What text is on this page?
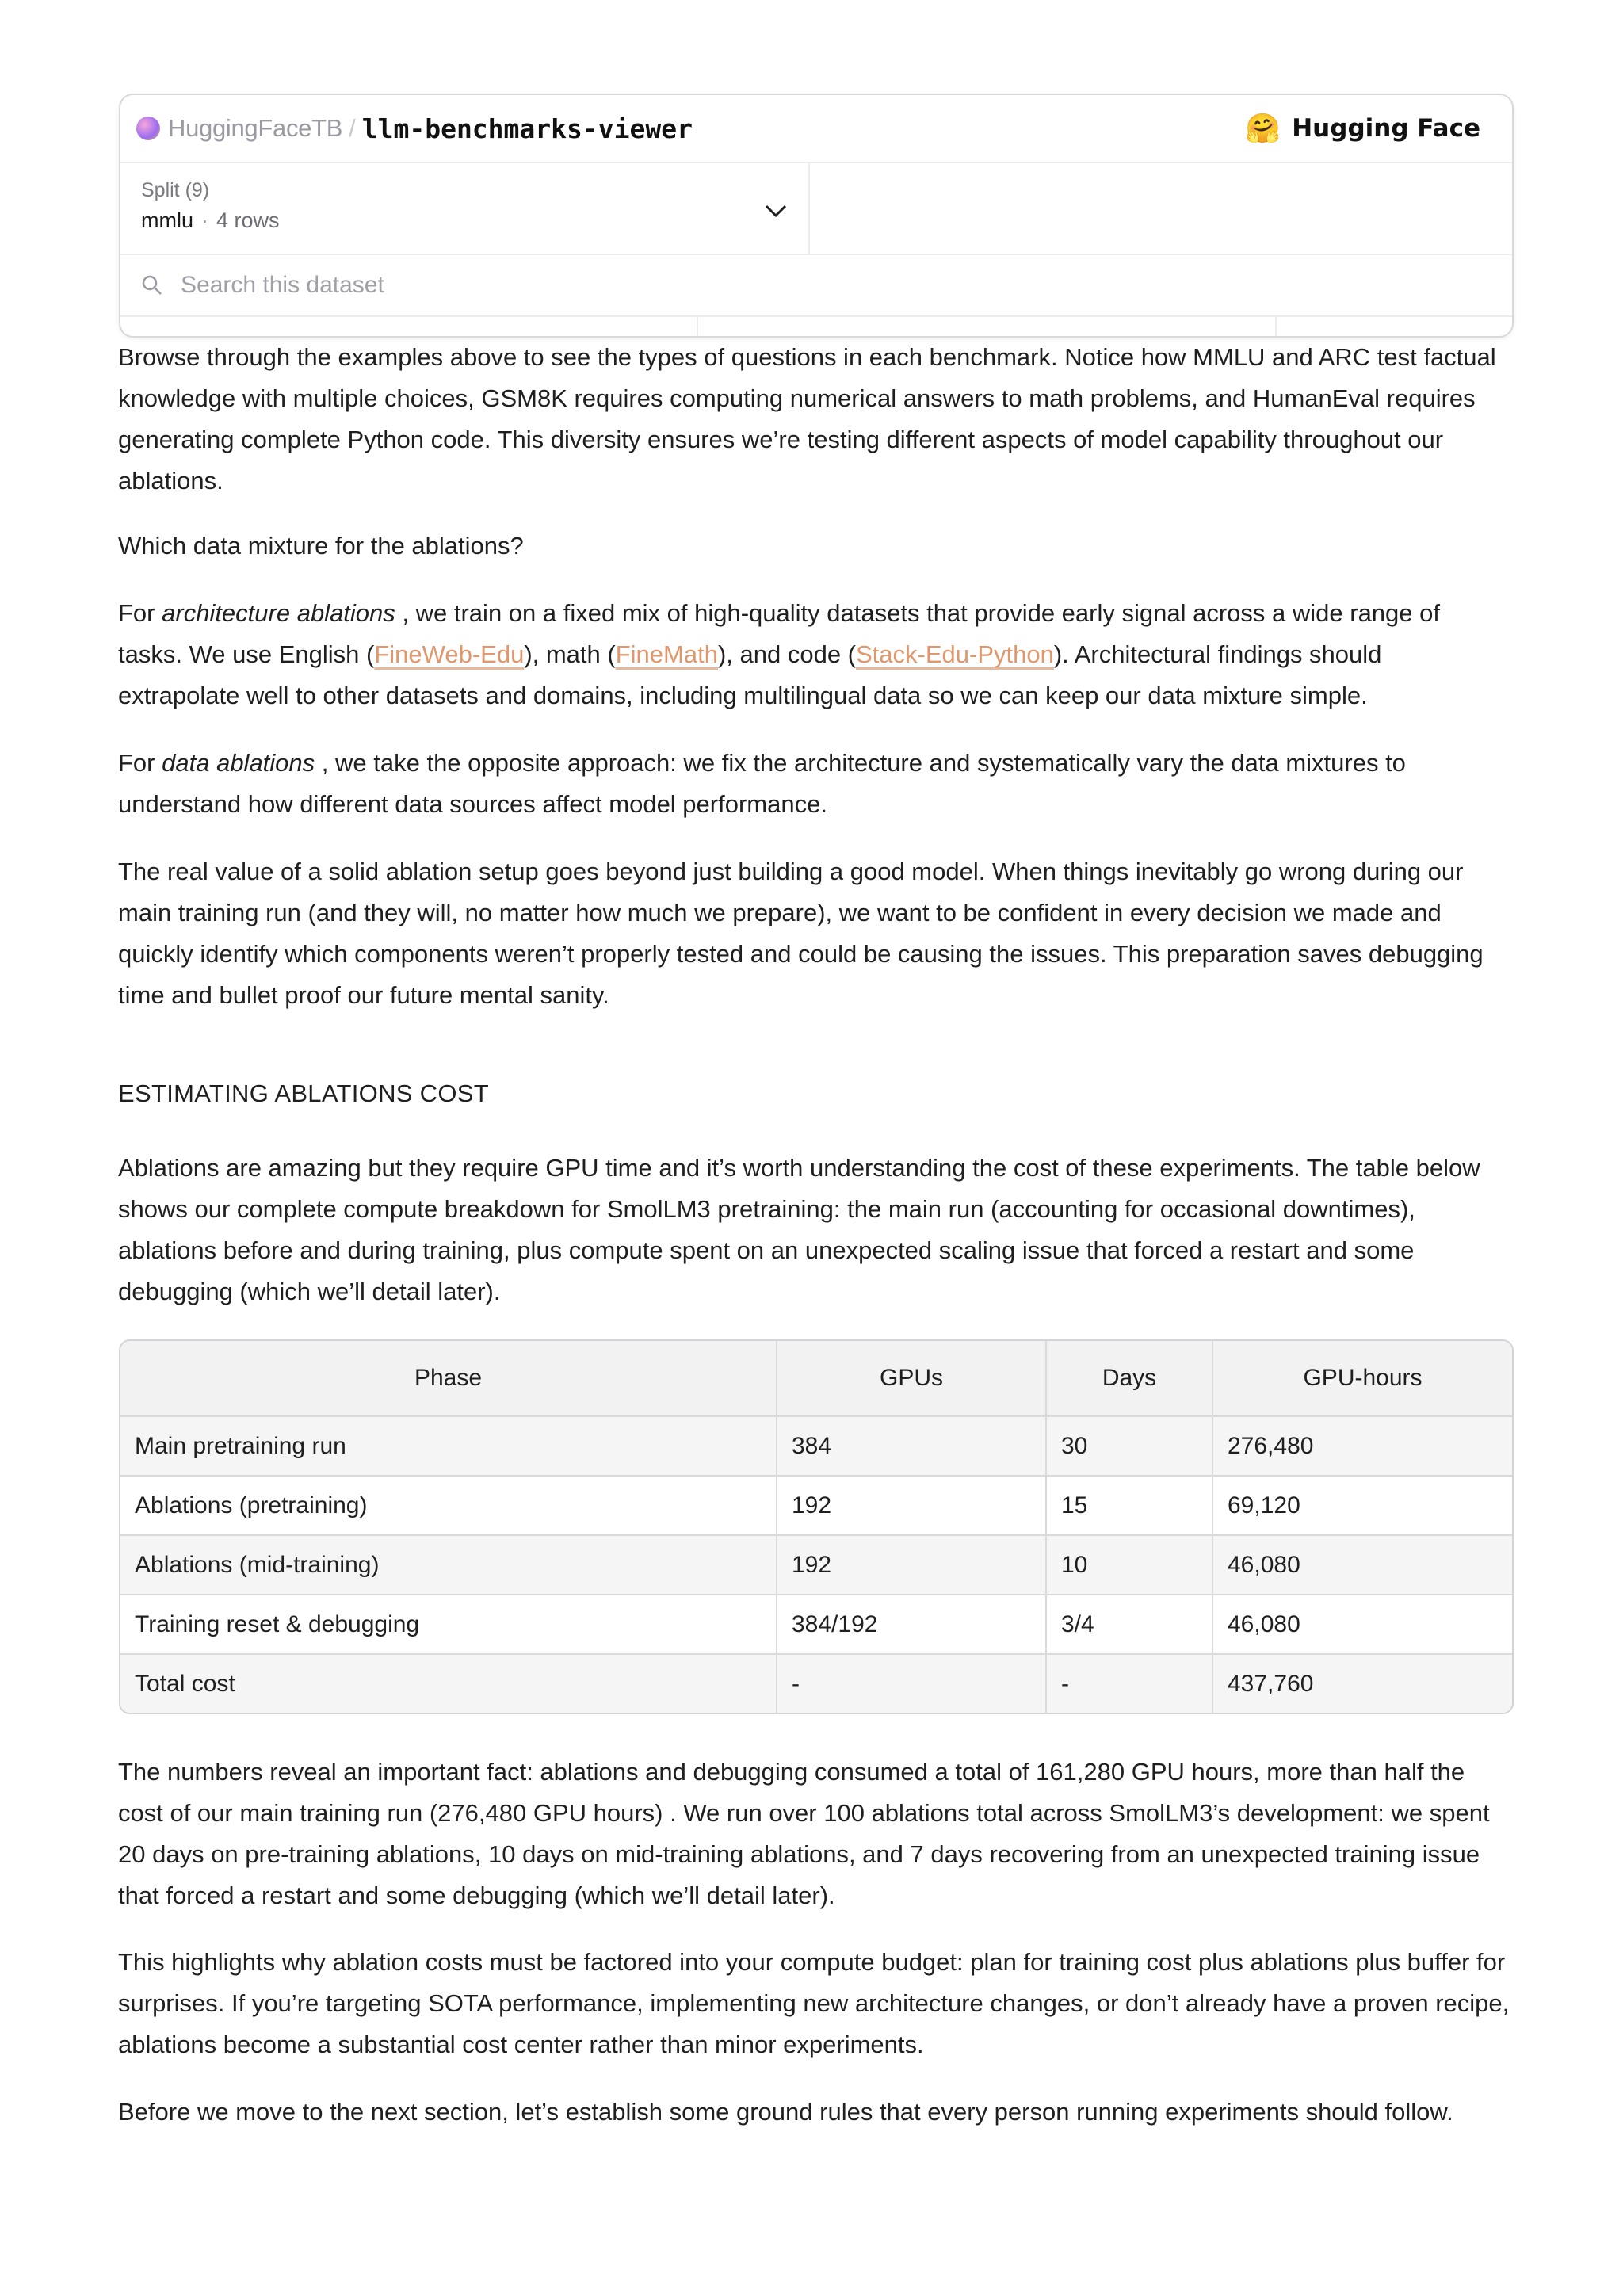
HuggingFaceTB / llm-benchmarks-viewer	🤗 Hugging Face
Split (9)
mmlu · 4 rows
Search this dataset

Browse through the examples above to see the types of questions in each benchmark. Notice how MMLU and ARC test factual knowledge with multiple choices, GSM8K requires computing numerical answers to math problems, and HumanEval requires generating complete Python code. This diversity ensures we’re testing different aspects of model capability throughout our ablations.

Which data mixture for the ablations?

For architecture ablations , we train on a fixed mix of high-quality datasets that provide early signal across a wide range of tasks. We use English (FineWeb-Edu), math (FineMath), and code (Stack-Edu-Python). Architectural findings should extrapolate well to other datasets and domains, including multilingual data so we can keep our data mixture simple.

For data ablations , we take the opposite approach: we fix the architecture and systematically vary the data mixtures to understand how different data sources affect model performance.

The real value of a solid ablation setup goes beyond just building a good model. When things inevitably go wrong during our main training run (and they will, no matter how much we prepare), we want to be confident in every decision we made and quickly identify which components weren’t properly tested and could be causing the issues. This preparation saves debugging time and bullet proof our future mental sanity.

ESTIMATING ABLATIONS COST

Ablations are amazing but they require GPU time and it’s worth understanding the cost of these experiments. The table below shows our complete compute breakdown for SmolLM3 pretraining: the main run (accounting for occasional downtimes), ablations before and during training, plus compute spent on an unexpected scaling issue that forced a restart and some debugging (which we’ll detail later).

The numbers reveal an important fact: ablations and debugging consumed a total of 161,280 GPU hours, more than half the cost of our main training run (276,480 GPU hours) . We run over 100 ablations total across SmolLM3’s development: we spent 20 days on pre-training ablations, 10 days on mid-training ablations, and 7 days recovering from an unexpected training issue that forced a restart and some debugging (which we’ll detail later).

This highlights why ablation costs must be factored into your compute budget: plan for training cost plus ablations plus buffer for surprises. If you’re targeting SOTA performance, implementing new architecture changes, or don’t already have a proven recipe, ablations become a substantial cost center rather than minor experiments.

Before we move to the next section, let’s establish some ground rules that every person running experiments should follow.

Phase	GPUs	Days	GPU-hours
Main pretraining run	384	30	276,480
Ablations (pretraining)	192	15	69,120
Ablations (mid-training)	192	10	46,080
Training reset & debugging	384/192	3/4	46,080
Total cost	-	-	437,760
